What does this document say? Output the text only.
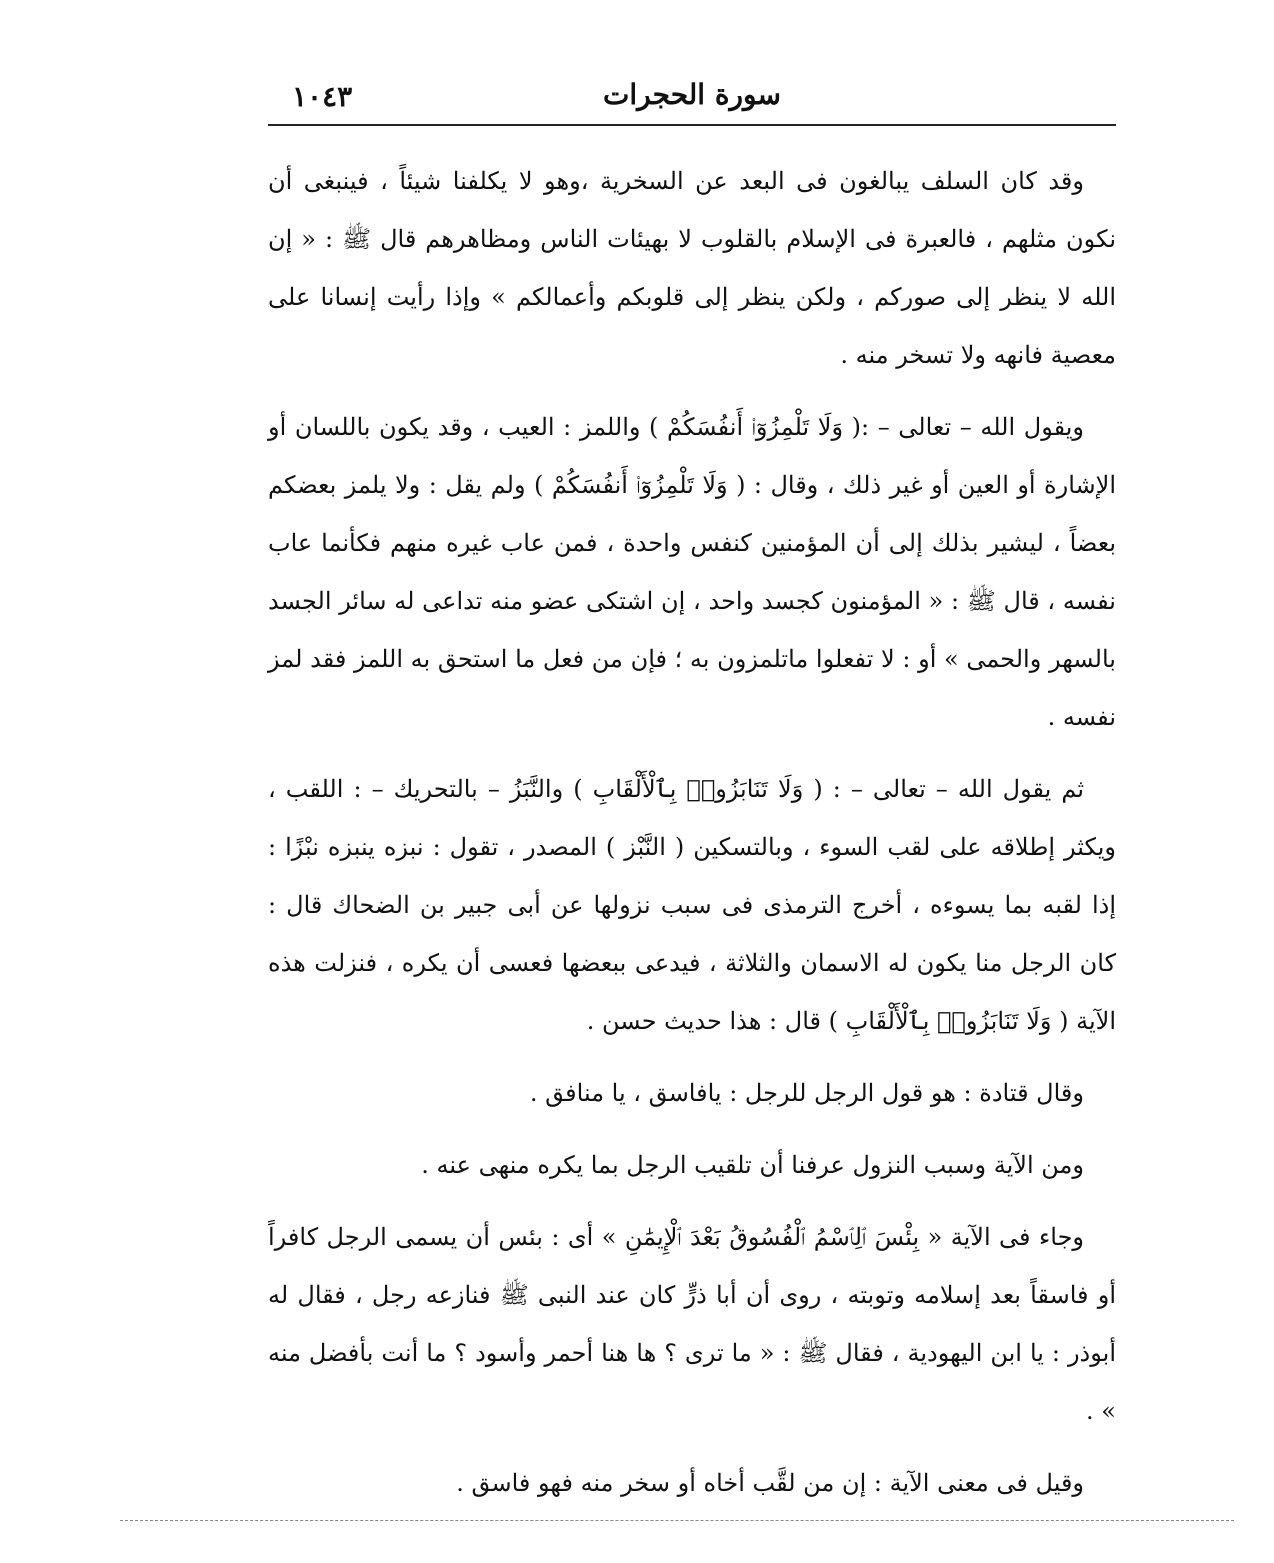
سورة الحجرات
١٠٤٣

وقد كان السلف يبالغون فى البعد عن السخرية ،وهو لا يكلفنا شيئاً ، فينبغى أن نكون مثلهم ، فالعبرة فى الإسلام بالقلوب لا بهيئات الناس ومظاهرهم قال ﷺ : « إن الله لا ينظر إلى صوركم ، ولكن ينظر إلى قلوبكم وأعمالكم » وإذا رأيت إنسانا على معصية فانهه ولا تسخر منه .

ويقول الله – تعالى – :( وَلَا تَلْمِزُوٓا۟ أَنفُسَكُمْ ) واللمز : العيب ، وقد يكون باللسان أو الإشارة أو العين أو غير ذلك ، وقال : ( وَلَا تَلْمِزُوٓا۟ أَنفُسَكُمْ ) ولم يقل : ولا يلمز بعضكم بعضاً ، ليشير بذلك إلى أن المؤمنين كنفس واحدة ، فمن عاب غيره منهم فكأنما عاب نفسه ، قال ﷺ : « المؤمنون كجسد واحد ، إن اشتكى عضو منه تداعى له سائر الجسد بالسهر والحمى » أو : لا تفعلوا ماتلمزون به ؛ فإن من فعل ما استحق به اللمز فقد لمز نفسه .

ثم يقول الله – تعالى – : ( وَلَا تَنَابَزُوا۟ بِٱلْأَلْقَابِ ) والنَّبَزُ – بالتحريك – : اللقب ، ويكثر إطلاقه على لقب السوء ، وبالتسكين ( النَّبْز ) المصدر ، تقول : نبزه ينبزه نبْزًا : إذا لقبه بما يسوءه ، أخرج الترمذى فى سبب نزولها عن أبى جبير بن الضحاك قال : كان الرجل منا يكون له الاسمان والثلاثة ، فيدعى ببعضها فعسى أن يكره ، فنزلت هذه الآية ( وَلَا تَنَابَزُوا۟ بِٱلْأَلْقَابِ ) قال : هذا حديث حسن .

وقال قتادة : هو قول الرجل للرجل : يافاسق ، يا منافق .

ومن الآية وسبب النزول عرفنا أن تلقيب الرجل بما يكره منهى عنه .

وجاء فى الآية « بِئْسَ ٱلِٱسْمُ ٱلْفُسُوقُ بَعْدَ ٱلْإِيمَٰنِ » أى : بئس أن يسمى الرجل كافراً أو فاسقاً بعد إسلامه وتوبته ، روى أن أبا ذرٍّ كان عند النبى ﷺ فنازعه رجل ، فقال له أبوذر : يا ابن اليهودية ، فقال ﷺ : « ما ترى ؟ ها هنا أحمر وأسود ؟ ما أنت بأفضل منه » .

وقيل فى معنى الآية : إن من لقَّب أخاه أو سخر منه فهو فاسق .
